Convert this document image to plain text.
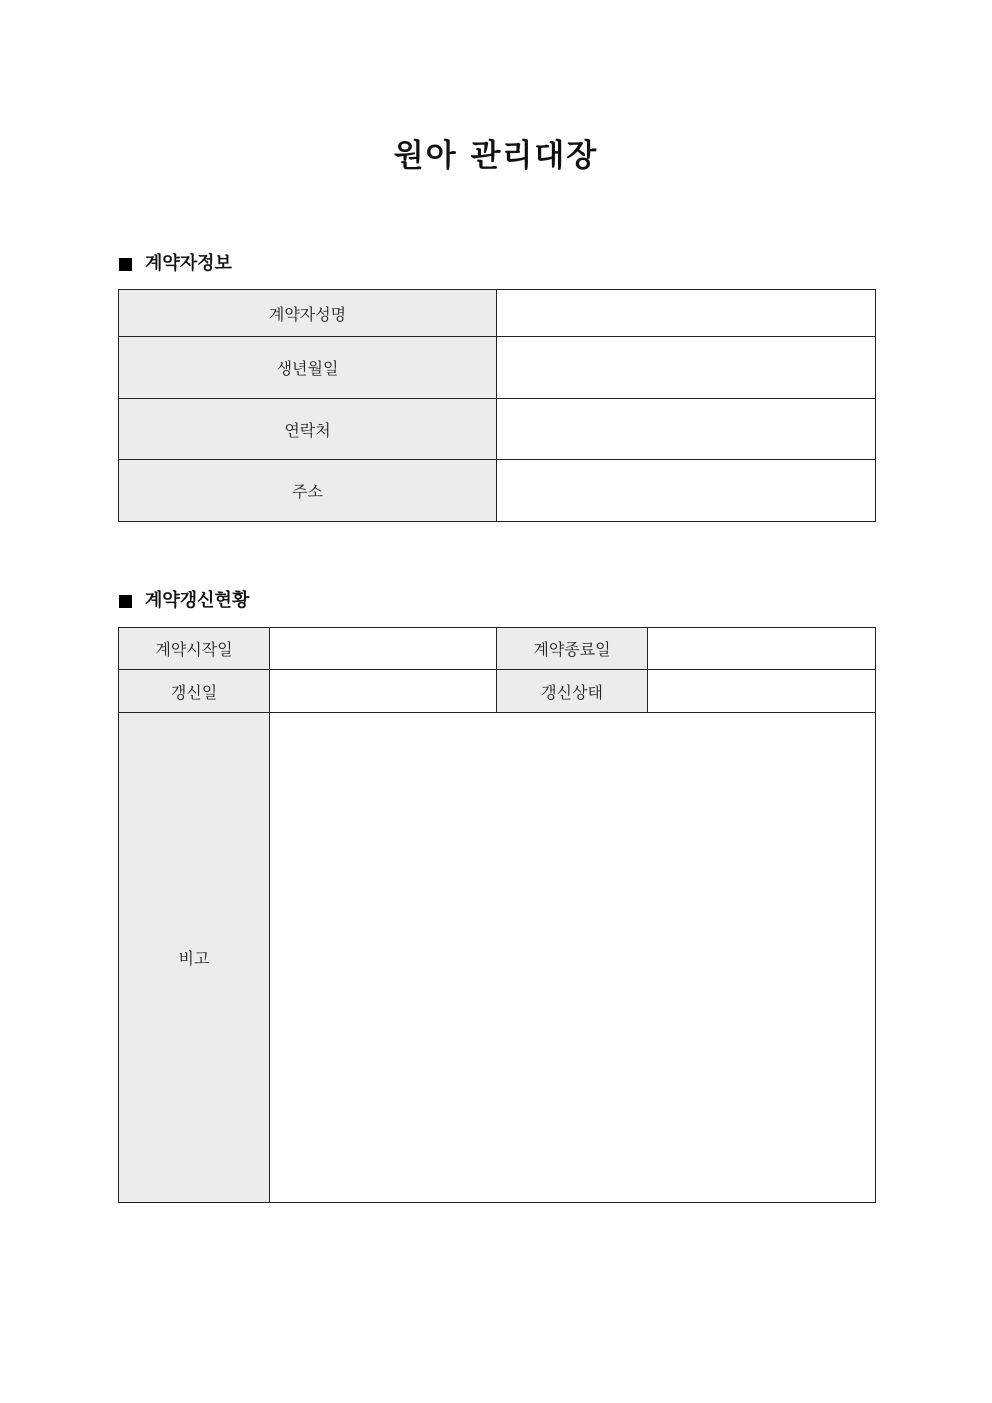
원아 관리대장
계약자정보
계약자성명	
생년월일	
연락처	
주소	
계약갱신현황
계약시작일		계약종료일	
갱신일		갱신상태	
비고			
